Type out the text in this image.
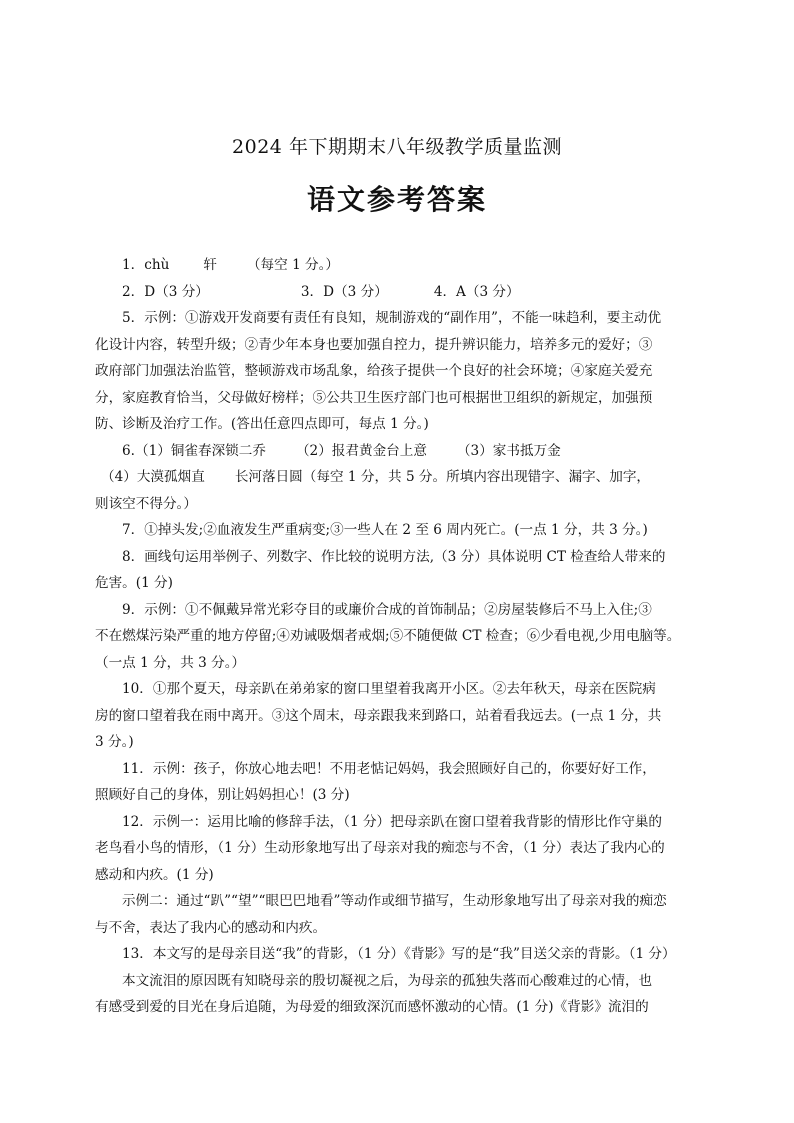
2024 年下期期末八年级教学质量监测
语文参考答案

1．chù	轩 （每空 1 分。）

2．D（3 分）	3．D（3 分）	4．A（3 分）

5．示例：①游戏开发商要有责任有良知，规制游戏的“副作用”，不能一味趋利，要主动优

化设计内容，转型升级；②青少年本身也要加强自控力，提升辨识能力，培养多元的爱好；③

政府部门加强法治监管，整顿游戏市场乱象，给孩子提供一个良好的社会环境；④家庭关爱充

分，家庭教育恰当，父母做好榜样；⑤公共卫生医疗部门也可根据世卫组织的新规定，加强预

防、诊断及治疗工作。(答出任意四点即可，每点 1 分。)

6.（1）铜雀春深锁二乔 （2）报君黄金台上意 （3）家书抵万金

（4）大漠孤烟直 长河落日圆（每空 1 分，共 5 分。所填内容出现错字、漏字、加字，

则该空不得分。）

7．①掉头发;②血液发生严重病变;③一些人在 2 至 6 周内死亡。(一点 1 分，共 3 分。)

8．画线句运用举例子、列数字、作比较的说明方法,（3 分）具体说明 CT 检查给人带来的

危害。(1 分)

9．示例：①不佩戴异常光彩夺目的或廉价合成的首饰制品；②房屋装修后不马上入住;③

不在燃煤污染严重的地方停留;④劝诫吸烟者戒烟;⑤不随便做 CT 检查；⑥少看电视,少用电脑等。

（一点 1 分，共 3 分。）

10．①那个夏天，母亲趴在弟弟家的窗口里望着我离开小区。②去年秋天，母亲在医院病

房的窗口望着我在雨中离开。③这个周末，母亲跟我来到路口，站着看我远去。(一点 1 分，共

3 分。)

11．示例：孩子，你放心地去吧！不用老惦记妈妈，我会照顾好自己的，你要好好工作，

照顾好自己的身体，别让妈妈担心！(3 分)

12．示例一：运用比喻的修辞手法，（1 分）把母亲趴在窗口望着我背影的情形比作守巢的

老鸟看小鸟的情形，（1 分）生动形象地写出了母亲对我的痴恋与不舍，（1 分）表达了我内心的

感动和内疚。(1 分)

示例二：通过“趴”“望”“眼巴巴地看”等动作或细节描写，生动形象地写出了母亲对我的痴恋

与不舍，表达了我内心的感动和内疚。

13．本文写的是母亲目送“我”的背影，（1 分）《背影》写的是“我”目送父亲的背影。（1 分）

本文流泪的原因既有知晓母亲的殷切凝视之后，为母亲的孤独失落而心酸难过的心情，也

有感受到爱的目光在身后追随，为母爱的细致深沉而感怀激动的心情。(1 分)《背影》流泪的
